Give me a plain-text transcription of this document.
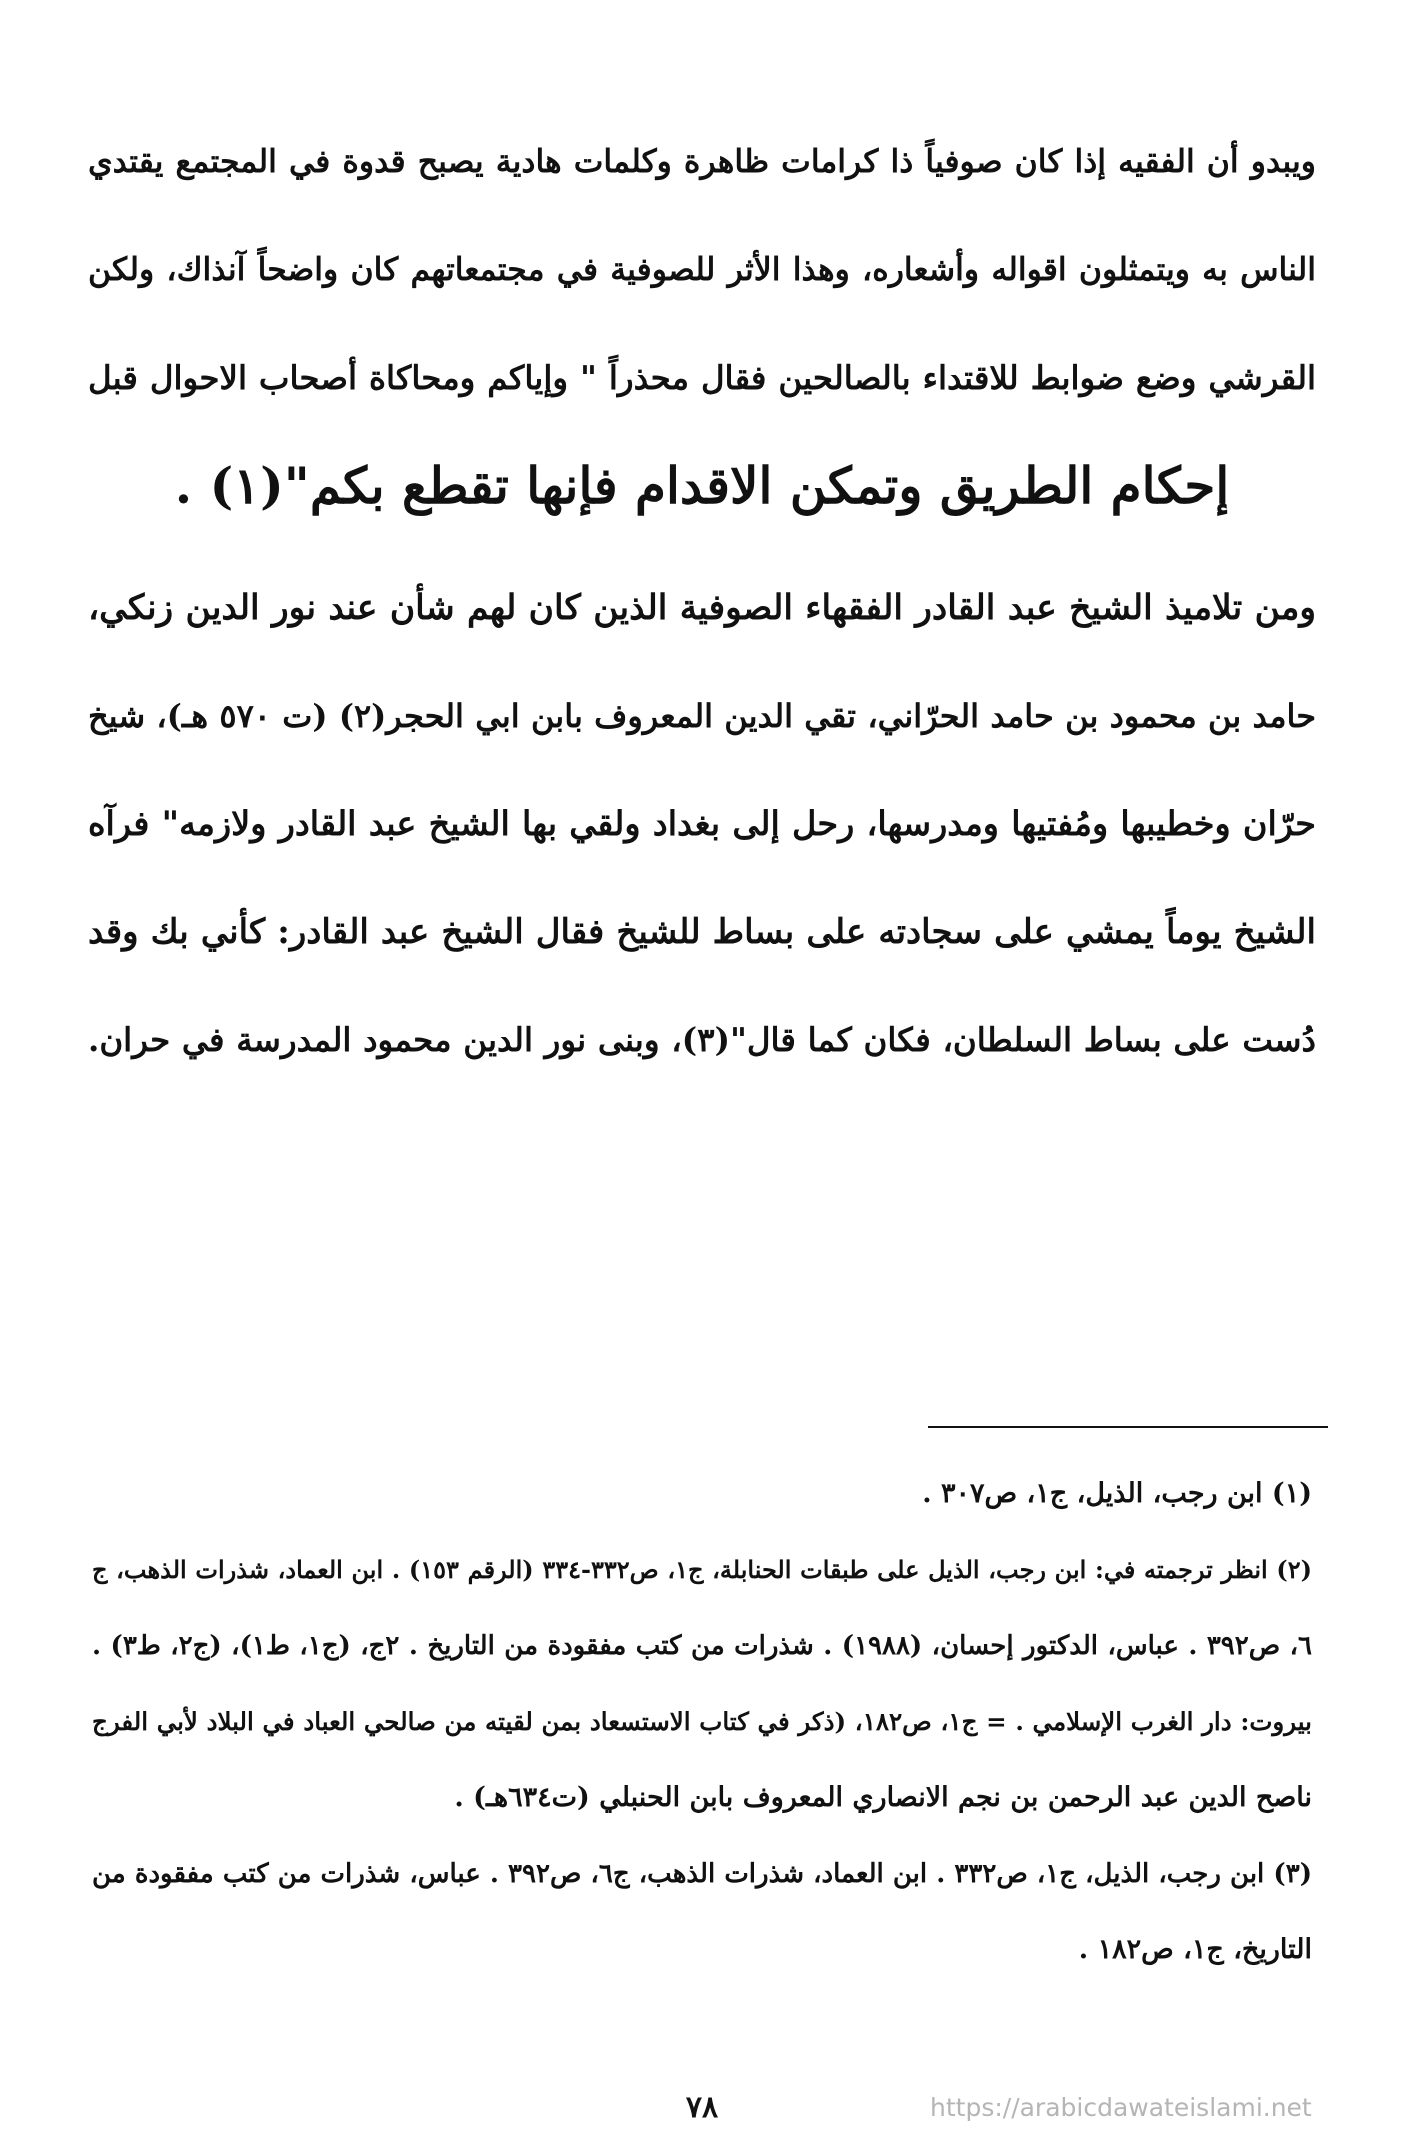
ويبدو أن الفقيه إذا كان صوفياً ذا كرامات ظاهرة وكلمات هادية يصبح قدوة في المجتمع يقتدي
الناس به ويتمثلون اقواله وأشعاره، وهذا الأثر للصوفية في مجتمعاتهم كان واضحاً آنذاك، ولكن
القرشي وضع ضوابط للاقتداء بالصالحين فقال محذراً " وإياكم ومحاكاة أصحاب الاحوال قبل
إحكام الطريق وتمكن الاقدام فإنها تقطع بكم"(١) .
ومن تلاميذ الشيخ عبد القادر الفقهاء الصوفية الذين كان لهم شأن عند نور الدين زنكي،
حامد بن محمود بن حامد الحرّاني، تقي الدين المعروف بابن ابي الحجر(٢) (ت ٥٧٠ هـ)، شيخ
حرّان وخطيبها ومُفتيها ومدرسها، رحل إلى بغداد ولقي بها الشيخ عبد القادر ولازمه" فرآه
الشيخ يوماً يمشي على سجادته على بساط للشيخ فقال الشيخ عبد القادر: كأني بك وقد
دُست على بساط السلطان، فكان كما قال"(٣)، وبنى نور الدين محمود المدرسة في حران.
(١) ابن رجب، الذيل، ج١، ص٣٠٧ .
(٢) انظر ترجمته في: ابن رجب، الذيل على طبقات الحنابلة، ج١، ص٣٣٢-٣٣٤ (الرقم ١٥٣) . ابن العماد، شذرات الذهب، ج
٦، ص٣٩٢ . عباس، الدكتور إحسان، (١٩٨٨) . شذرات من كتب مفقودة من التاريخ . ٢ج، (ج١، ط١)، (ج٢، ط٣) .
بيروت: دار الغرب الإسلامي . = ج١، ص١٨٢، (ذكر في كتاب الاستسعاد بمن لقيته من صالحي العباد في البلاد لأبي الفرج
ناصح الدين عبد الرحمن بن نجم الانصاري المعروف بابن الحنبلي (ت٦٣٤هـ) .
(٣) ابن رجب، الذيل، ج١، ص٣٣٢ . ابن العماد، شذرات الذهب، ج٦، ص٣٩٢ . عباس، شذرات من كتب مفقودة من
التاريخ، ج١، ص١٨٢ .
٧٨	https://arabicdawateislami.net
